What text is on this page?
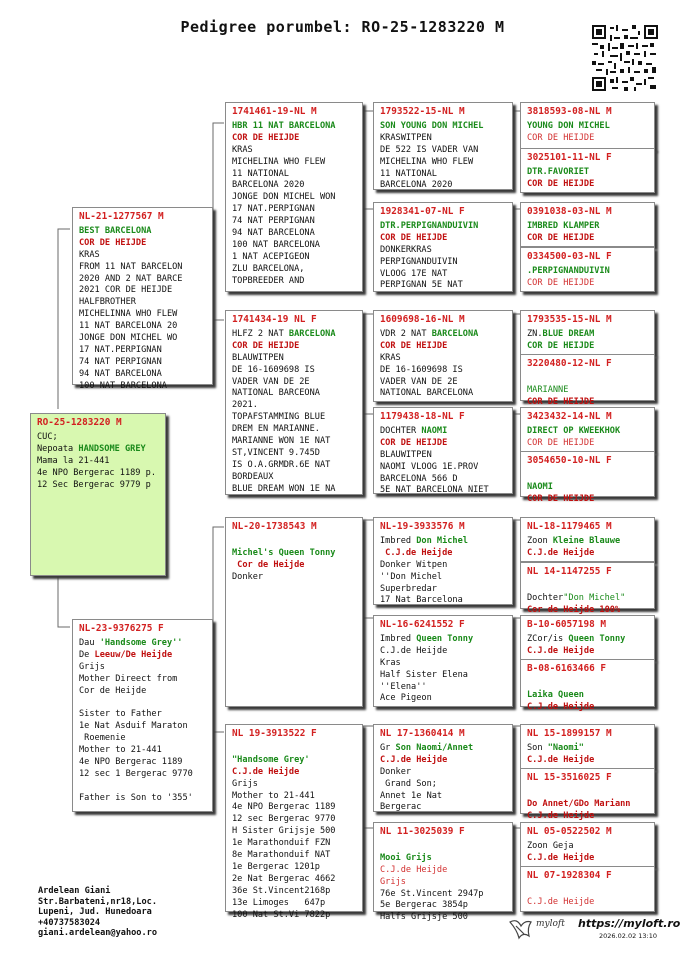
Pedigree porumbel: RO-25-1283220 M
RO-25-1283220 M
CUC;
Nepoata HANDSOME GREY
Mama la 21-441
4e NPO Bergerac 1189 p.
12 Sec Bergerac 9779 p
NL-21-1277567 M
BEST BARCELONA
COR DE HEIJDE
KRAS
FROM 11 NAT BARCELON
2020 AND 2 NAT BARCE
2021 COR DE HEIJDE
HALFBROTHER
MICHELINNA WHO FLEW
11 NAT BARCELONA 20
JONGE DON MICHEL WO
17 NAT.PERPIGNAN
74 NAT PERPIGNAN
94 NAT BARCELONA
100 NAT BARCELONA
NL-23-9376275 F
Dau 'Handsome Grey''
De Leeuw/De Heijde
Grijs
Mother Direect from
Cor de Heijde

Sister to Father
1e Nat Asduif Maraton
Roemenie
Mother to 21-441
4e NPO Bergerac 1189
12 sec 1 Bergerac 9770

Father is Son to '355'
1741461-19-NL M
HBR 11 NAT BARCELONA
COR DE HEIJDE
KRAS
MICHELINA WHO FLEW
11 NATIONAL
BARCELONA 2020
JONGE DON MICHEL WON
17 NAT.PERPIGNAN
74 NAT PERPIGNAN
94 NAT BARCELONA
100 NAT BARCELONA
1 NAT ACEPIGEON
ZLU BARCELONA,
TOPBREEDER AND
1741434-19 NL F
HLFZ 2 NAT BARCELONA
COR DE HEIJDE
BLAUWITPEN
DE 16-1609698 IS
VADER VAN DE 2E
NATIONAL BARCEONA
2021.
TOPAFSTAMMING BLUE
DREM EN MARIANNE.
MARIANNE WON 1E NAT
ST,VINCENT 9.745D
IS O.A.GRMDR.6E NAT
BORDEAUX
BLUE DREAM WON 1E NA
NL-20-1738543 M

Michel's Queen Tonny
Cor de Heijde
Donker
NL 19-3913522 F

"Handsome Grey'
C.J.de Heijde
Grijs
Mother to 21-441
4e NPO Bergerac 1189
12 sec Bergerac 9770
H Sister Grijsje 500
1e Marathonduif FZN
8e Marathonduif NAT
1e Bergerac 1201p
2e Nat Bergerac 4662
36e St.Vincent2168p
13e Limoges   647p
100 Nat St.Vi 7822p
1793522-15-NL M
SON YOUNG DON MICHEL
KRASWITPEN
DE 522 IS VADER VAN
MICHELINA WHO FLEW
11 NATIONAL
BARCELONA 2020
1928341-07-NL F
DTR.PERPIGNANDUIVIN
COR DE HEIJDE
DONKERKRAS
PERPIGNANDUIVIN
VLOOG 17E NAT
PERPIGNAN 5E NAT
1609698-16-NL M
VDR 2 NAT BARCELONA
COR DE HEIJDE
KRAS
DE 16-1609698 IS
VADER VAN DE 2E
NATIONAL BARCELONA
1179438-18-NL F
DOCHTER NAOMI
COR DE HEIJDE
BLAUWITPEN
NAOMI VLOOG 1E.PROV
BARCELONA 566 D
5E NAT BARCELONA NIET
NL-19-3933576 M
Imbred Don Michel
C.J.de Heijde
Donker Witpen
''Don Michel
Superbredar
17 Nat Barcelona
NL-16-6241552 F
Imbred Queen Tonny
C.J.de Heijde
Kras
Half Sister Elena
''Elena''
Ace Pigeon
NL 17-1360414 M
Gr Son Naomi/Annet
C.J.de Heijde
Donker
Grand Son;
Annet 1e Nat
Bergerac
NL 11-3025039 F

Mooi Grijs
C.J.de Heijde
Grijs
76e St.Vincent 2947p
5e Bergerac 3854p
Halfs Grijsje 500
3818593-08-NL M
YOUNG DON MICHEL
COR DE HEIJDE
3025101-11-NL F
DTR.FAVORIET
COR DE HEIJDE
0391038-03-NL M
IMBRED KLAMPER
COR DE HEIJDE
0334500-03-NL F
.PERPIGNANDUIVIN
COR DE HEIJDE
1793535-15-NL M
ZN.BLUE DREAM
COR DE HEIJDE
3220480-12-NL F

MARIANNE
COR DE HEIJDE
3423432-14-NL M
DIRECT OP KWEEKHOK
COR DE HEIJDE
3054650-10-NL F

NAOMI
COR DE HEIJDE
NL-18-1179465 M
Zoon Kleine Blauwe
C.J.de Heijde
NL 14-1147255 F

Dochter"Don Michel"
Cor de Heijde 100%
B-10-6057198 M
ZCor/is Queen Tonny
C.J.de Heijde
B-08-6163466 F

Laika Queen
C.J.de Heijde
NL 15-1899157 M
Son "Naomi"
C.J.de Heijde
NL 15-3516025 F

Do Annet/GDo Mariann
C.J.de Heijde
NL 05-0522502 M
Zoon Geja
C.J.de Heijde
NL 07-1928304 F

C.J.de Heijde
Ardelean Giani
Str.Barbateni,nr18,Loc.
Lupeni, Jud. Hunedoara
+40737583024
giani.ardelean@yahoo.ro
myloft https://myloft.ro
2026.02.02 13:10
